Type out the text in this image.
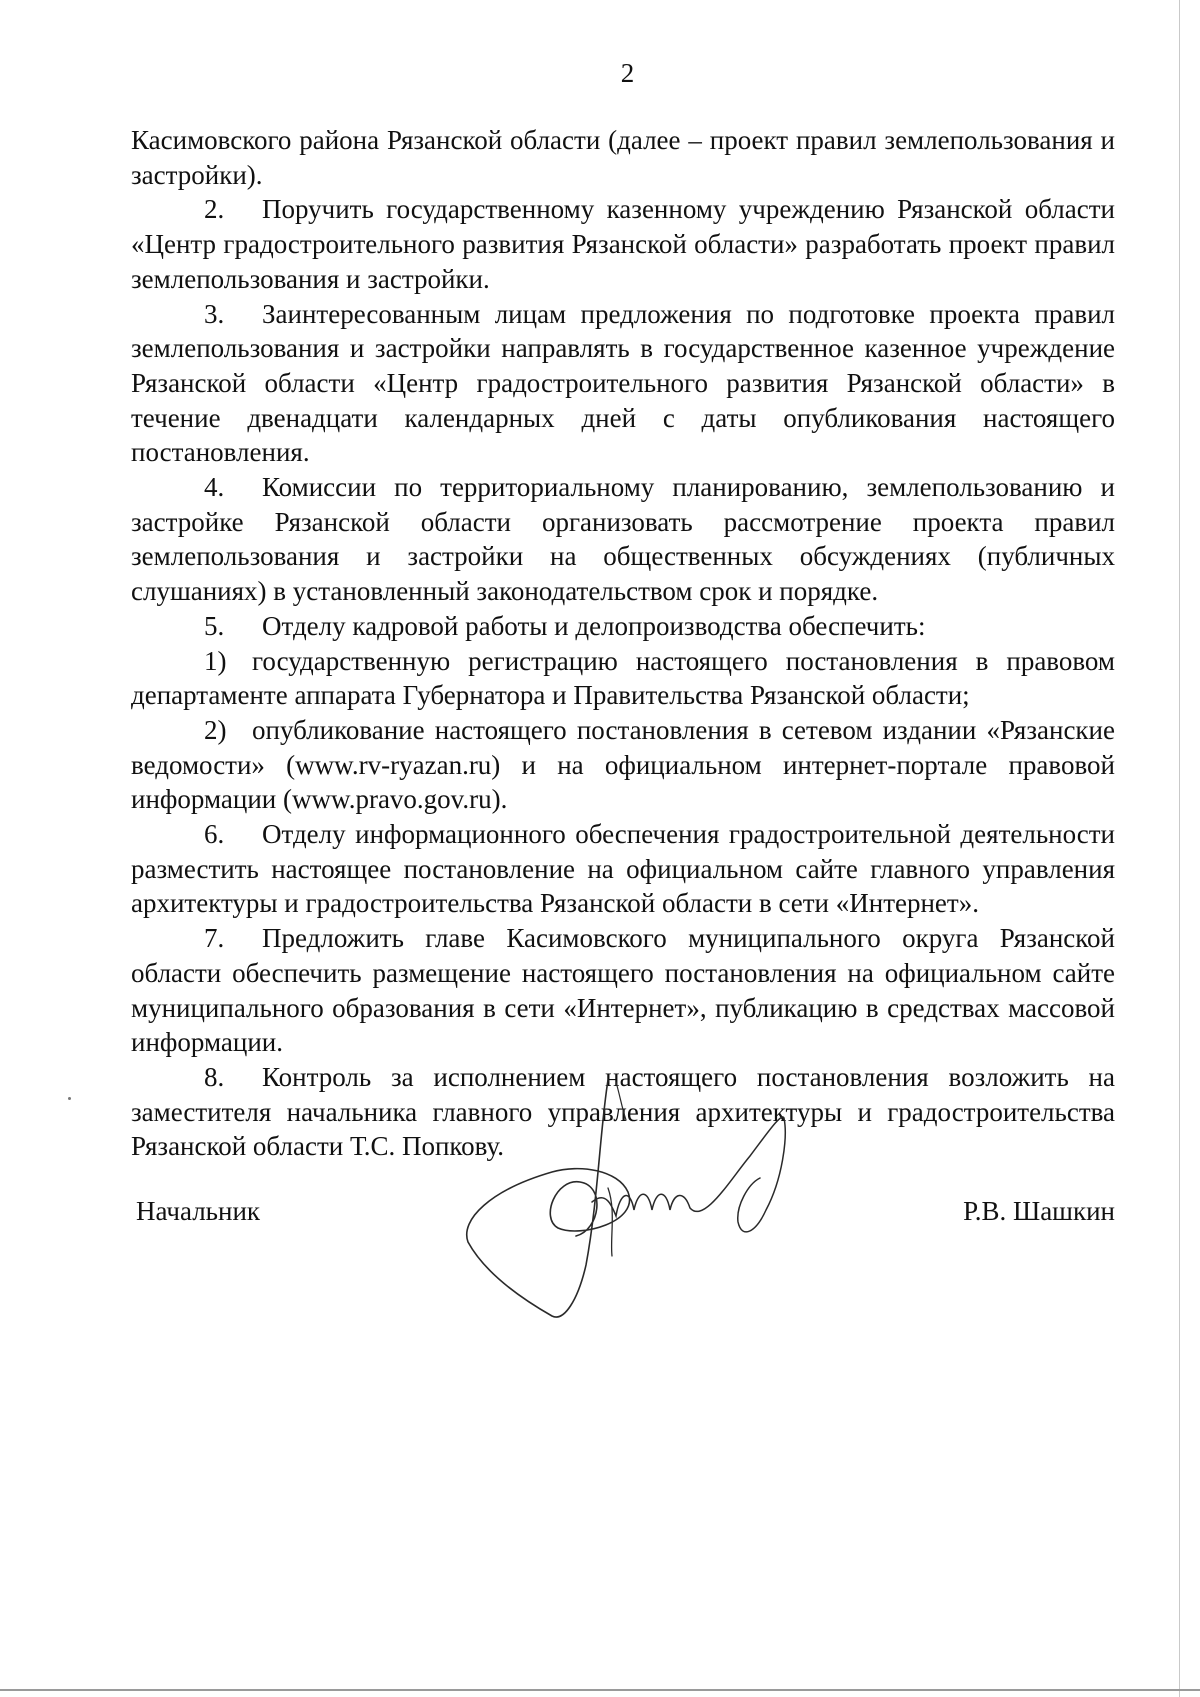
2

Касимовского района Рязанской области (далее – проект правил землепользования и застройки).

2. Поручить государственному казенному учреждению Рязанской области «Центр градостроительного развития Рязанской области» разработать проект правил землепользования и застройки.

3. Заинтересованным лицам предложения по подготовке проекта правил землепользования и застройки направлять в государственное казенное учреждение Рязанской области «Центр градостроительного развития Рязанской области» в течение двенадцати календарных дней с даты опубликования настоящего постановления.

4. Комиссии по территориальному планированию, землепользованию и застройке Рязанской области организовать рассмотрение проекта правил землепользования и застройки на общественных обсуждениях (публичных слушаниях) в установленный законодательством срок и порядке.

5. Отделу кадровой работы и делопроизводства обеспечить:

1) государственную регистрацию настоящего постановления в правовом департаменте аппарата Губернатора и Правительства Рязанской области;

2) опубликование настоящего постановления в сетевом издании «Рязанские ведомости» (www.rv-ryazan.ru) и на официальном интернет-портале правовой информации (www.pravo.gov.ru).

6. Отделу информационного обеспечения градостроительной деятельности разместить настоящее постановление на официальном сайте главного управления архитектуры и градостроительства Рязанской области в сети «Интернет».

7. Предложить главе Касимовского муниципального округа Рязанской области обеспечить размещение настоящего постановления на официальном сайте муниципального образования в сети «Интернет», публикацию в средствах массовой информации.

8. Контроль за исполнением настоящего постановления возложить на заместителя начальника главного управления архитектуры и градостроительства Рязанской области Т.С. Попкову.

Начальник	Р.В. Шашкин
